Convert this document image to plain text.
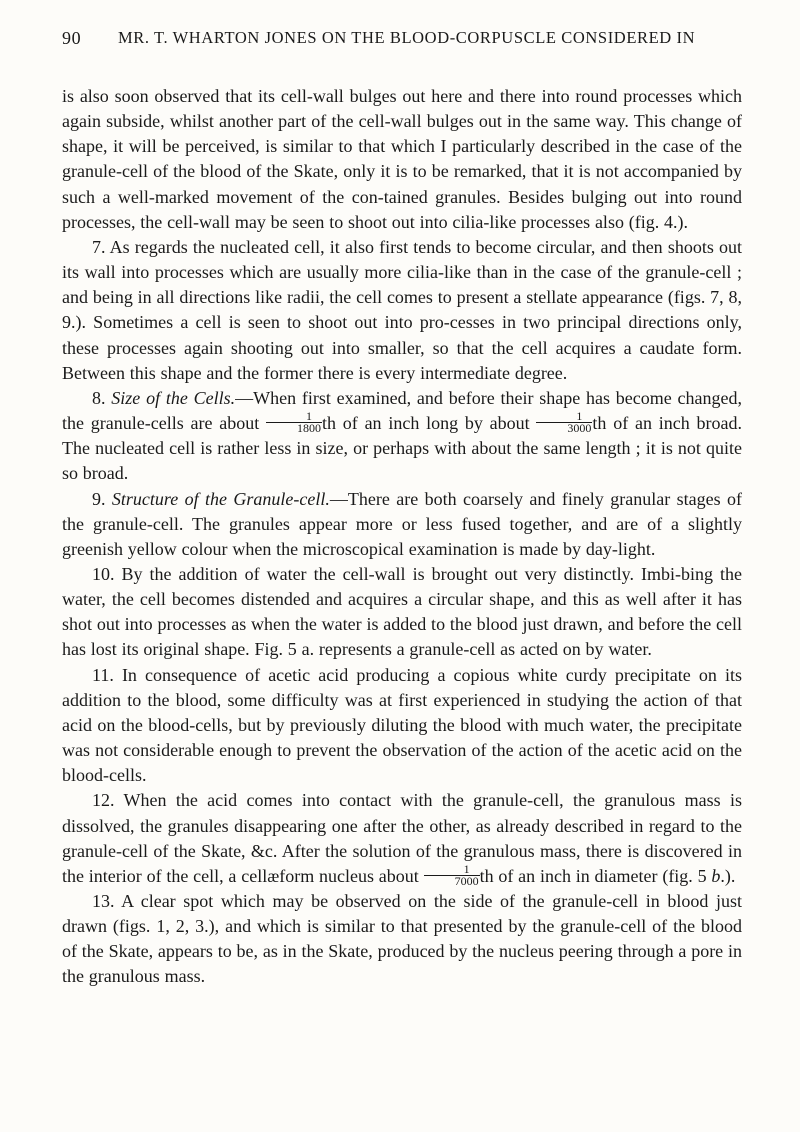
90 MR. T. WHARTON JONES ON THE BLOOD-CORPUSCLE CONSIDERED IN

is also soon observed that its cell-wall bulges out here and there into round processes which again subside, whilst another part of the cell-wall bulges out in the same way. This change of shape, it will be perceived, is similar to that which I particularly described in the case of the granule-cell of the blood of the Skate, only it is to be remarked, that it is not accompanied by such a well-marked movement of the con-tained granules. Besides bulging out into round processes, the cell-wall may be seen to shoot out into cilia-like processes also (fig. 4.).

7. As regards the nucleated cell, it also first tends to become circular, and then shoots out its wall into processes which are usually more cilia-like than in the case of the granule-cell ; and being in all directions like radii, the cell comes to present a stellate appearance (figs. 7, 8, 9.). Sometimes a cell is seen to shoot out into pro-cesses in two principal directions only, these processes again shooting out into smaller, so that the cell acquires a caudate form. Between this shape and the former there is every intermediate degree.

8. Size of the Cells.—When first examined, and before their shape has become changed, the granule-cells are about $\frac{1}{1800}$ th of an inch long by about $\frac{1}{3000}$ th of an inch broad. The nucleated cell is rather less in size, or perhaps with about the same length ; it is not quite so broad.

9. Structure of the Granule-cell.—There are both coarsely and finely granular stages of the granule-cell. The granules appear more or less fused together, and are of a slightly greenish yellow colour when the microscopical examination is made by day-light.

10. By the addition of water the cell-wall is brought out very distinctly. Imbi-bing the water, the cell becomes distended and acquires a circular shape, and this as well after it has shot out into processes as when the water is added to the blood just drawn, and before the cell has lost its original shape. Fig. 5 a. represents a granule-cell as acted on by water.

11. In consequence of acetic acid producing a copious white curdy precipitate on its addition to the blood, some difficulty was at first experienced in studying the action of that acid on the blood-cells, but by previously diluting the blood with much water, the precipitate was not considerable enough to prevent the observation of the action of the acetic acid on the blood-cells.

12. When the acid comes into contact with the granule-cell, the granulous mass is dissolved, the granules disappearing one after the other, as already described in regard to the granule-cell of the Skate, &c. After the solution of the granulous mass, there is discovered in the interior of the cell, a cellæform nucleus about $\frac{1}{7000}$ th of an inch in diameter (fig. 5 b.).

13. A clear spot which may be observed on the side of the granule-cell in blood just drawn (figs. 1, 2, 3.), and which is similar to that presented by the granule-cell of the blood of the Skate, appears to be, as in the Skate, produced by the nucleus peering through a pore in the granulous mass.
